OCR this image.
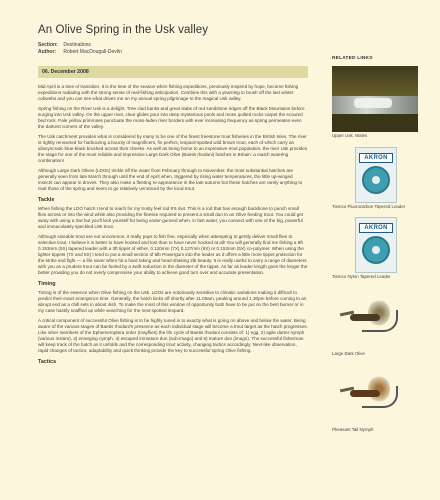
An Olive Spring in the Usk valley
Section: Destinations
Author: Robert MacDougall-Devlin
06. December 2008

Mid April is a time of transition. It is the time of the season when fishing expeditions, previously inspired by hope, become fishing expeditions radiating with the strong sense of real-fishing anticipation. Combine this with a yearning to brush off the last winter cobwebs and you can see what drives me on my annual spring pilgrimage to the magical Usk valley.

Spring fishing on the River Usk is a delight. Tree clad banks and great slabs of red sandstone ridges off the Black Mountains before surging into Usk valley. On the upper river, clear glides pour into deep mysterious pools and moss quilted rocks carpet the scoured bed rock. Pale yellow primroses punctuate the moss-laden river borders with ever increasing frequency as spring permeates even the darkest corners of the valley.

The Usk catchment provides what is considered by many to be one of the finest freestone trout fisheries in the British Isles. The river is rightly renowned for harbouring a bounty of magnificent, fin perfect, leopard-spotted wild brown trout, each of which carry an idiosyncratic blue-black brushed across their cheeks. As well as being home to an impressive trout population, the river Usk provides the stage for one of the most reliable and impressive Large Dark Olive (Baetis rhodani) hatches in Britain: a match watering combination!

Although Large Dark Olives (LDOs) trickle off the water from February through to November, the most substantial hatches are generally seen from late March through until the end of April when, triggered by rising water temperatures, the little up-winged insects can appear in droves. They also make a fleeting re-appearance in the late autumn but these hatches are rarely anything to rival those of the spring and seem to go relatively unnoticed by the local trout.

Tackle

When fishing the LDO hatch I tend to reach for my trusty feel rod 9'6 4wt. This is a rod that has enough backbone to punch small flies across or into the wind while also providing the finesse required to present a small dun to an Olive feeding trout. You could get away with using a 3wt but you'll kick yourself for being under-gunned when, in fast water, you connect with one of the big, powerful and immaculately speckled Usk trout.

Although sizeable trout are not uncommon, it really pays to fish fine, especially when attempting to gently deliver small flies to selective trout. I believe it is better to have hooked and lost than to have never hooked at all! You will generally find me fishing a 9ft 0.153mm (5X) tapered leader with a 3ft tippet of either, 0.120mm (7X) 0.127mm (6X) or 0.153mm (5X) co-polymer. When using the lighter tippets (7X and 6X) I tend to put a small section of 6lb Powergum into the leader as it offers a little more tippet protection for the strike and fight — a life saver when hit a hard taking and head-shaking 2lb beauty. It is really useful to carry a range of diameters with you as a prudent trout can be fooled by a swift reduction in the diameter of the tippet. As far as leader length goes the longer the better providing you do not overly compromise your ability to achieve good turn over and accurate presentation.

Timing

Timing is of the essence when Olive fishing on the Usk. LDOs are notoriously sensitive to climatic variations making it difficult to predict their exact emergence time. Generally, the hatch kicks off shortly after 11.00am, peaking around 1.30pm before coming to an abrupt end as a chill sets in about 4ish. To make the most of this window of opportunity both have to be put on the best burner or in my case hastily snaffled up while searching for the next spotted leopard.

A critical component of successful Olive fishing is to be highly tuned in to exactly what is going on above and below the water. Being aware of the various stages of Baetis rhodani's presence as each individual stage will become a trout target as the hatch progresses. Like other members of the Ephemeroptera order (mayflies) the life cycle of Baetis rhodani consists of: 1) egg, 2) agile darter nymph (various instars), 3) emerging nymph, 4) escaped immature dun (sub-imago) and 5) mature dun (imago). The successful fisherman will keep track of the hatch as it unfolds and the corresponding trout activity, changing tactics accordingly. Next-like observation, rapid changes of tactics, adaptability and quick thinking provide the key to successful spring Olive fishing.

Tactics
RELATED LINKS
Upper Usk, Wales
AKRON
Tiemco Fluorocarbon Tapered Leader
AKRON
Tiemco Nylon Tapered Leader
Large Dark Olive
Pheasant Tail Nymph
